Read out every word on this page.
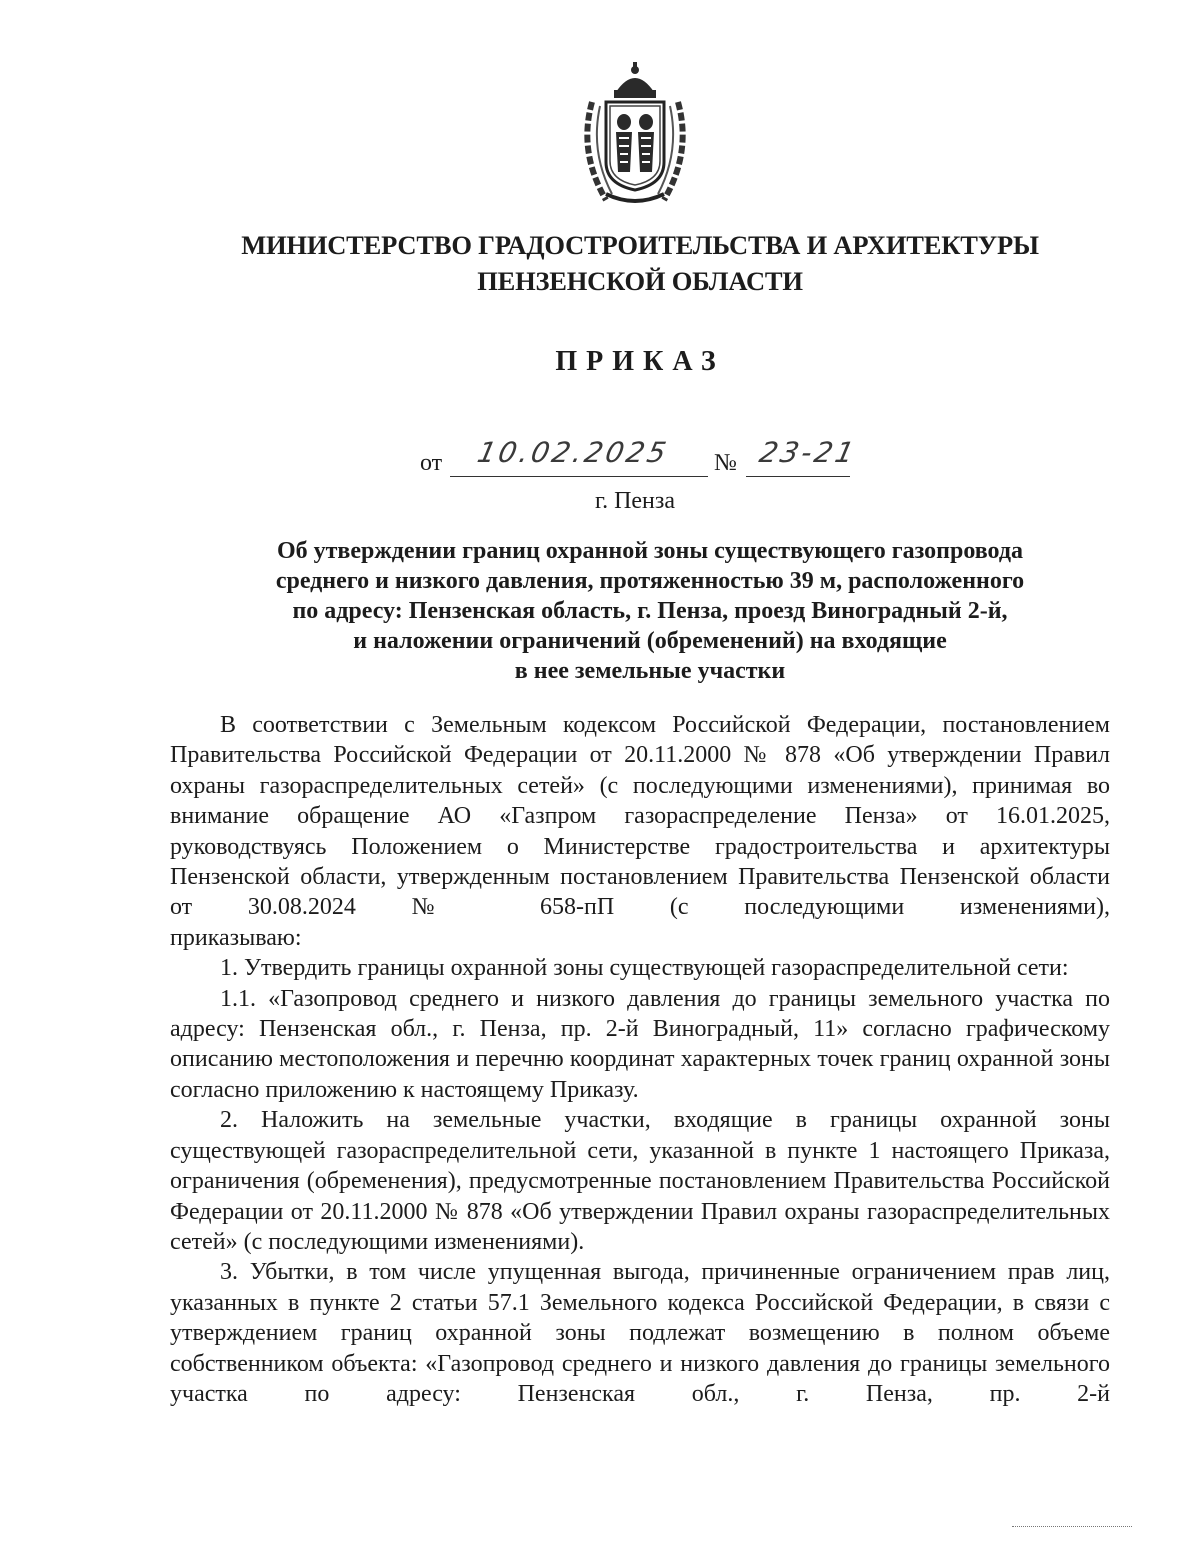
МИНИСТЕРСТВО ГРАДОСТРОИТЕЛЬСТВА И АРХИТЕКТУРЫ
ПЕНЗЕНСКОЙ ОБЛАСТИ
ПРИКАЗ
от 10.02.2025 № 23-21
г. Пенза
Об утверждении границ охранной зоны существующего газопровода
среднего и низкого давления, протяженностью 39 м, расположенного
по адресу: Пензенская область, г. Пенза, проезд Виноградный 2-й,
и наложении ограничений (обременений) на входящие
в нее земельные участки

В соответствии с Земельным кодексом Российской Федерации, постановлением Правительства Российской Федерации от 20.11.2000 № 878 «Об утверждении Правил охраны газораспределительных сетей» (с последующими изменениями), принимая во внимание обращение АО «Газпром газораспределение Пенза» от 16.01.2025, руководствуясь Положением о Министерстве градостроительства и архитектуры Пензенской области, утвержденным постановлением Правительства Пензенской области от 30.08.2024 № 658-пП (с последующими изменениями),

приказываю:

1. Утвердить границы охранной зоны существующей газораспределительной сети:

1.1. «Газопровод среднего и низкого давления до границы земельного участка по адресу: Пензенская обл., г. Пенза, пр. 2-й Виноградный, 11» согласно графическому описанию местоположения и перечню координат характерных точек границ охранной зоны согласно приложению к настоящему Приказу.

2. Наложить на земельные участки, входящие в границы охранной зоны существующей газораспределительной сети, указанной в пункте 1 настоящего Приказа, ограничения (обременения), предусмотренные постановлением Правительства Российской Федерации от 20.11.2000 № 878 «Об утверждении Правил охраны газораспределительных сетей» (с последующими изменениями).

3. Убытки, в том числе упущенная выгода, причиненные ограничением прав лиц, указанных в пункте 2 статьи 57.1 Земельного кодекса Российской Федерации, в связи с утверждением границ охранной зоны подлежат возмещению в полном объеме собственником объекта: «Газопровод среднего и низкого давления до границы земельного участка по адресу: Пензенская обл., г. Пенза, пр. 2-й
